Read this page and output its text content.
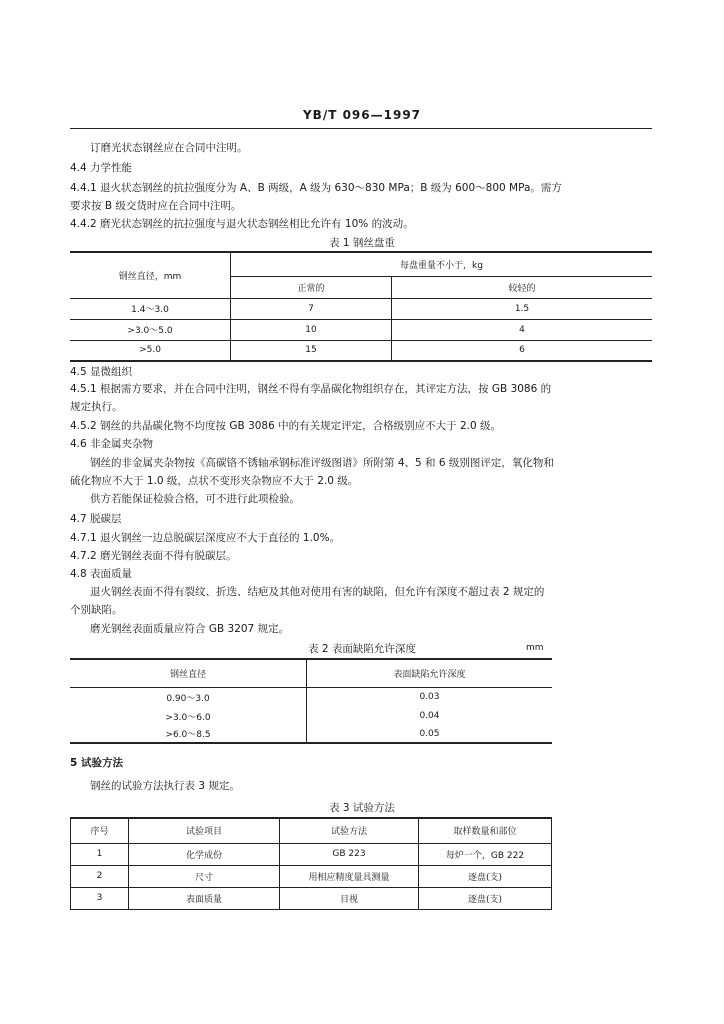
YB/T 096—1997
订磨光状态钢丝应在合同中注明。
4.4 力学性能
4.4.1 退火状态钢丝的抗拉强度分为 A、B 两级，A 级为 630～830 MPa；B 级为 600～800 MPa。需方
要求按 B 级交货时应在合同中注明。
4.4.2 磨光状态钢丝的抗拉强度与退火状态钢丝相比允许有 10% 的波动。
表 1 钢丝盘重
钢丝直径，mm	每盘重量不小于，kg	
	正常的	较轻的
1.4～3.0	7	1.5
>3.0～5.0	10	4
>5.0	15	6
4.5 显微组织
4.5.1 根据需方要求，并在合同中注明，钢丝不得有孪晶碳化物组织存在，其评定方法，按 GB 3086 的
规定执行。
4.5.2 钢丝的共晶碳化物不均度按 GB 3086 中的有关规定评定，合格级别应不大于 2.0 级。
4.6 非金属夹杂物
钢丝的非金属夹杂物按《高碳铬不锈轴承钢标准评级图谱》所附第 4、5 和 6 级别图评定，氧化物和
硫化物应不大于 1.0 级，点状不变形夹杂物应不大于 2.0 级。
供方若能保证检验合格，可不进行此项检验。
4.7 脱碳层
4.7.1 退火钢丝一边总脱碳层深度应不大于直径的 1.0%。
4.7.2 磨光钢丝表面不得有脱碳层。
4.8 表面质量
退火钢丝表面不得有裂纹、折迭、结疤及其他对使用有害的缺陷，但允许有深度不超过表 2 规定的
个别缺陷。
磨光钢丝表面质量应符合 GB 3207 规定。
表 2 表面缺陷允许深度	mm
钢丝直径	表面缺陷允许深度
0.90～3.0	0.03
>3.0～6.0	0.04
>6.0～8.5	0.05
5 试验方法
钢丝的试验方法执行表 3 规定。
表 3 试验方法
序号	试验项目	试验方法	取样数量和部位
1	化学成份	GB 223	每炉一个，GB 222
2	尺寸	用相应精度量具测量	逐盘(支)
3	表面质量	目视	逐盘(支)
